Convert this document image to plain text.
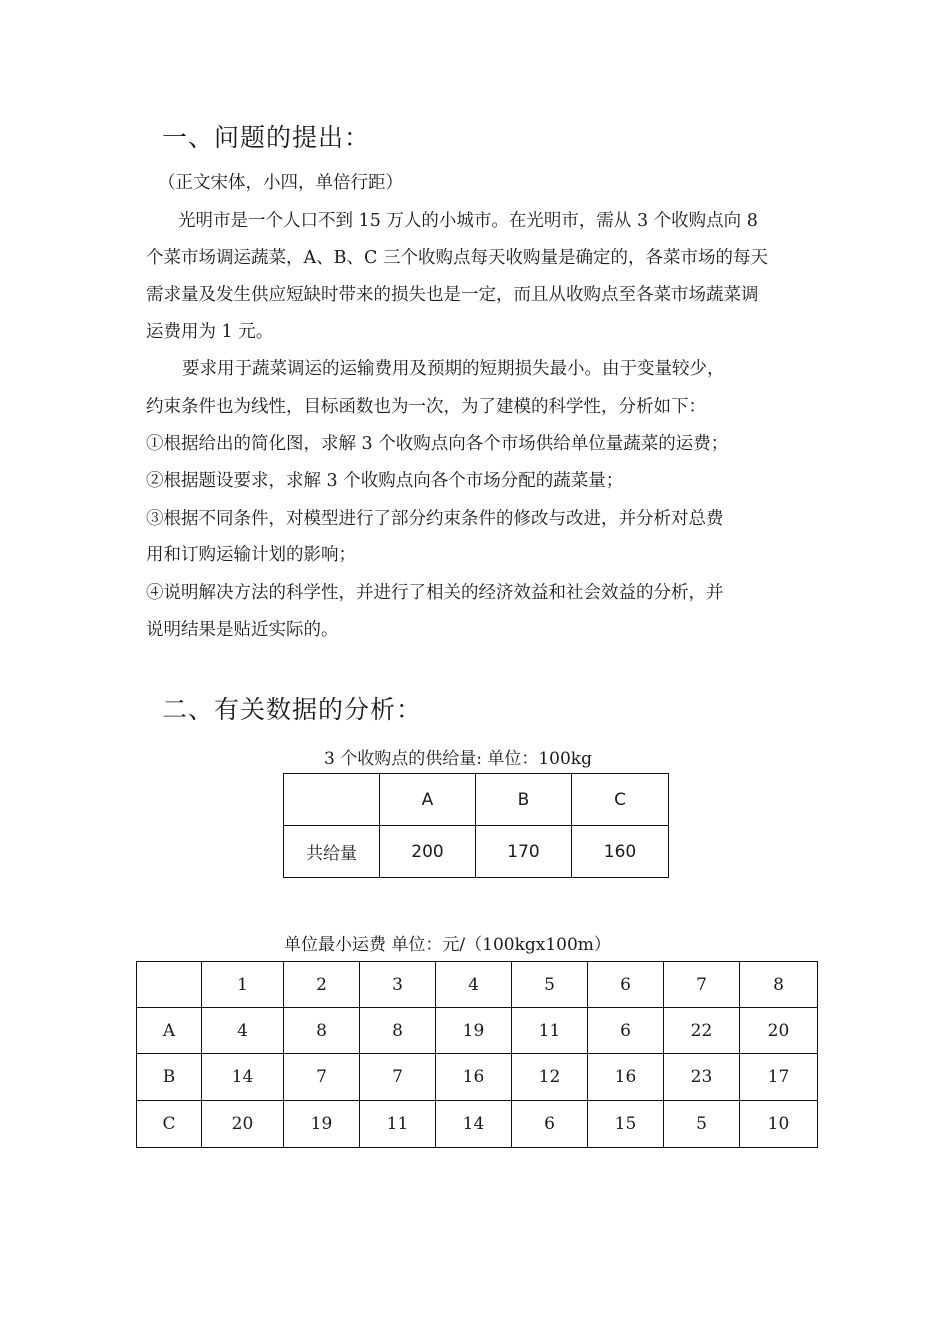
一、问题的提出：

（正文宋体，小四，单倍行距）

光明市是一个人口不到 15 万人的小城市。在光明市，需从 3 个收购点向 8

个菜市场调运蔬菜，A、B、C 三个收购点每天收购量是确定的，各菜市场的每天

需求量及发生供应短缺时带来的损失也是一定，而且从收购点至各菜市场蔬菜调

运费用为 1 元。

要求用于蔬菜调运的运输费用及预期的短期损失最小。由于变量较少，

约束条件也为线性，目标函数也为一次，为了建模的科学性，分析如下：

①根据给出的简化图，求解 3 个收购点向各个市场供给单位量蔬菜的运费；

②根据题设要求，求解 3 个收购点向各个市场分配的蔬菜量；

③根据不同条件，对模型进行了部分约束条件的修改与改进，并分析对总费

用和订购运输计划的影响；

④说明解决方法的科学性，并进行了相关的经济效益和社会效益的分析，并

说明结果是贴近实际的。

二、有关数据的分析：

3 个收购点的供给量: 单位：100kg

	A	B	C
共给量	200	170	160

单位最小运费 单位：元/（100kgx100m）

	1	2	3	4	5	6	7	8
A	4	8	8	19	11	6	22	20
B	14	7	7	16	12	16	23	17
C	20	19	11	14	6	15	5	10
